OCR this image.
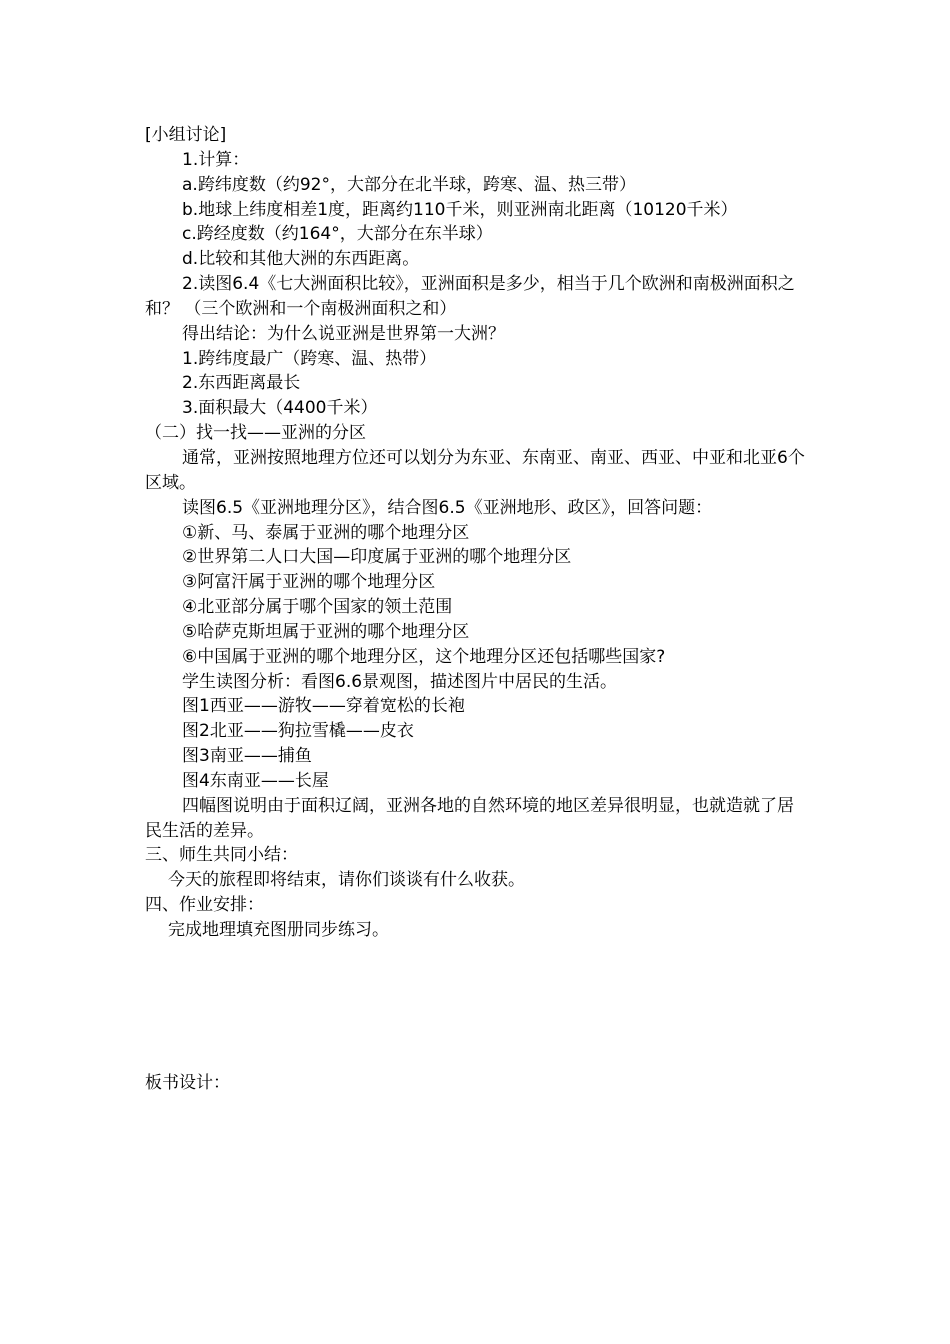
[小组讨论]

1.计算：

a.跨纬度数（约92°，大部分在北半球，跨寒、温、热三带）

b.地球上纬度相差1度，距离约110千米，则亚洲南北距离（10120千米）

c.跨经度数（约164°，大部分在东半球）

d.比较和其他大洲的东西距离。

2.读图6.4《七大洲面积比较》，亚洲面积是多少，相当于几个欧洲和南极洲面积之和？ （三个欧洲和一个南极洲面积之和）

得出结论：为什么说亚洲是世界第一大洲？

1.跨纬度最广（跨寒、温、热带）

2.东西距离最长

3.面积最大（4400千米）

（二）找一找——亚洲的分区

通常，亚洲按照地理方位还可以划分为东亚、东南亚、南亚、西亚、中亚和北亚6个区域。

读图6.5《亚洲地理分区》，结合图6.5《亚洲地形、政区》，回答问题：

①新、马、泰属于亚洲的哪个地理分区

②世界第二人口大国—印度属于亚洲的哪个地理分区

③阿富汗属于亚洲的哪个地理分区

④北亚部分属于哪个国家的领土范围

⑤哈萨克斯坦属于亚洲的哪个地理分区

⑥中国属于亚洲的哪个地理分区，这个地理分区还包括哪些国家?

学生读图分析：看图6.6景观图，描述图片中居民的生活。

图1西亚——游牧——穿着宽松的长袍

图2北亚——狗拉雪橇——皮衣

图3南亚——捕鱼

图4东南亚——长屋

四幅图说明由于面积辽阔，亚洲各地的自然环境的地区差异很明显，也就造就了居民生活的差异。

三、师生共同小结：

今天的旅程即将结束，请你们谈谈有什么收获。

四、作业安排：

完成地理填充图册同步练习。

板书设计：
